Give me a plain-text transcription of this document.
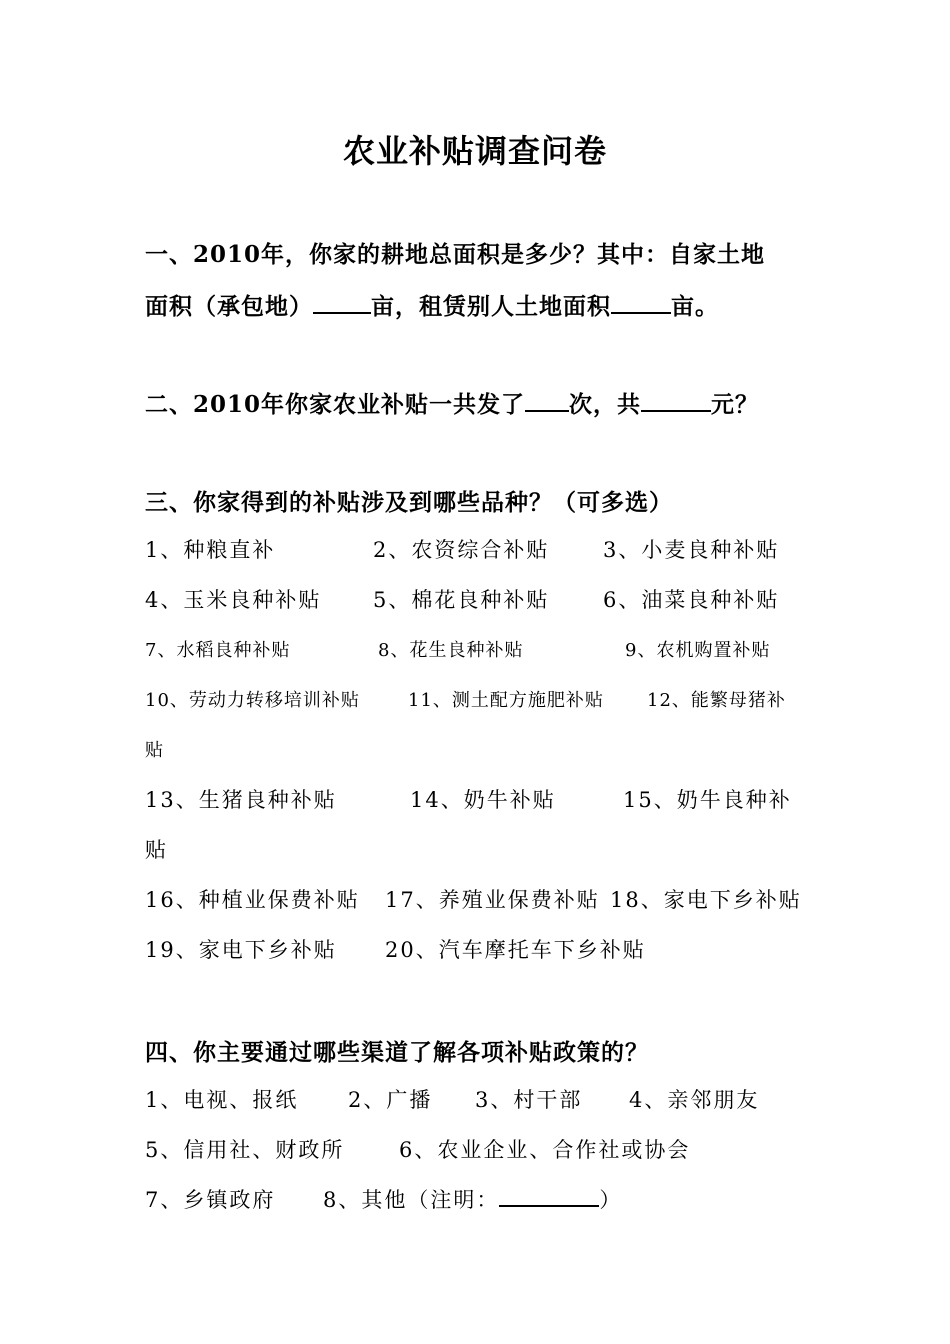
农业补贴调查问卷
一、2010年，你家的耕地总面积是多少？其中：自家土地
面积（承包地）	亩，租赁别人土地面积	亩。
二、2010年你家农业补贴一共发了 次，共	元？
三、你家得到的补贴涉及到哪些品种？（可多选）
1、种粮直补	2、农资综合补贴	3、小麦良种补贴
4、玉米良种补贴 5、棉花良种补贴	6、油菜良种补贴
7、水稻良种补贴	8、花生良种补贴	9、农机购置补贴
10、劳动力转移培训补贴	11、测土配方施肥补贴 12、能繁母猪补
贴
13、生猪良种补贴	14、奶牛补贴	15、奶牛良种补
贴
16、种植业保费补贴 17、养殖业保费补贴 18、家电下乡补贴
19、家电下乡补贴 20、汽车摩托车下乡补贴
四、你主要通过哪些渠道了解各项补贴政策的？
1、电视、报纸 2、广播 3、村干部 4、亲邻朋友
5、信用社、财政所	6、农业企业、合作社或协会
7、乡镇政府 8、其他（注明：	）
